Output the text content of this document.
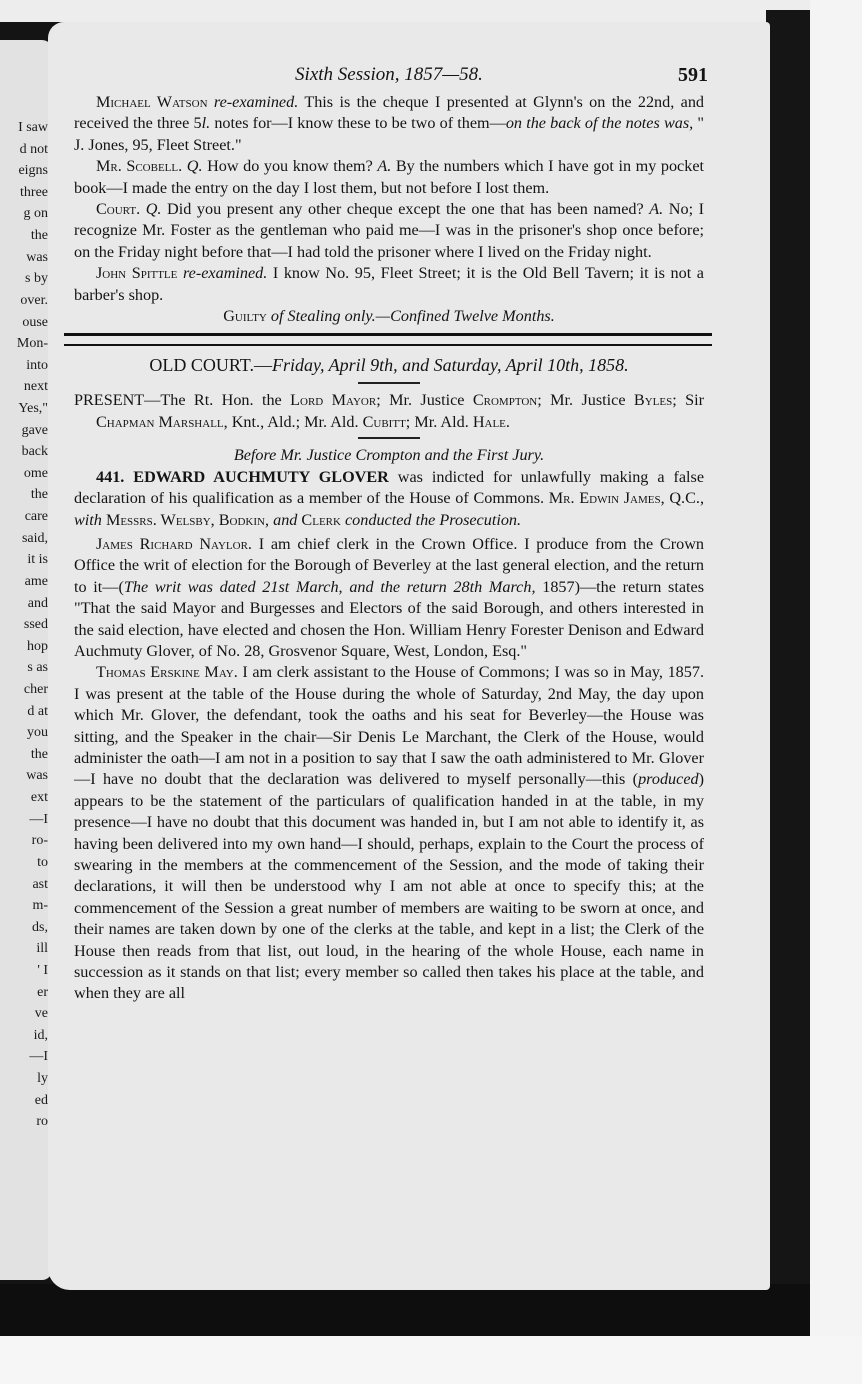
I saw
d not
eigns
three
g on
the
was
s by
over.
ouse
Mon-
into
next
Yes,"
gave
back
ome
the
care
said,
it is
ame
and
ssed
hop
s as
cher
d at
you
the
was
ext
—I
ro-
to
ast
m-
ds,
ill
' I
er
ve
id,
—I
ly
ed
ro
Sixth Session, 1857—58.	591

Michael Watson re-examined. This is the cheque I presented at Glynn's on the 22nd, and received the three 5l. notes for—I know these to be two of them—on the back of the notes was, " J. Jones, 95, Fleet Street."

Mr. Scobell. Q. How do you know them? A. By the numbers which I have got in my pocket book—I made the entry on the day I lost them, but not before I lost them.

Court. Q. Did you present any other cheque except the one that has been named? A. No; I recognize Mr. Foster as the gentleman who paid me—I was in the prisoner's shop once before; on the Friday night before that—I had told the prisoner where I lived on the Friday night.

John Spittle re-examined. I know No. 95, Fleet Street; it is the Old Bell Tavern; it is not a barber's shop.

Guilty of Stealing only.—Confined Twelve Months.

OLD COURT.—Friday, April 9th, and Saturday, April 10th, 1858.

PRESENT—The Rt. Hon. the Lord Mayor; Mr. Justice Crompton; Mr. Justice Byles; Sir Chapman Marshall, Knt., Ald.; Mr. Ald. Cubitt; Mr. Ald. Hale.

Before Mr. Justice Crompton and the First Jury.

441. EDWARD AUCHMUTY GLOVER was indicted for unlawfully making a false declaration of his qualification as a member of the House of Commons. Mr. Edwin James, Q.C., with Messrs. Welsby, Bodkin, and Clerk conducted the Prosecution.

James Richard Naylor. I am chief clerk in the Crown Office. I produce from the Crown Office the writ of election for the Borough of Beverley at the last general election, and the return to it—(The writ was dated 21st March, and the return 28th March, 1857)—the return states "That the said Mayor and Burgesses and Electors of the said Borough, and others interested in the said election, have elected and chosen the Hon. William Henry Forester Denison and Edward Auchmuty Glover, of No. 28, Grosvenor Square, West, London, Esq."

Thomas Erskine May. I am clerk assistant to the House of Commons; I was so in May, 1857. I was present at the table of the House during the whole of Saturday, 2nd May, the day upon which Mr. Glover, the defendant, took the oaths and his seat for Beverley—the House was sitting, and the Speaker in the chair—Sir Denis Le Marchant, the Clerk of the House, would administer the oath—I am not in a position to say that I saw the oath administered to Mr. Glover—I have no doubt that the declaration was delivered to myself personally—this (produced) appears to be the statement of the particulars of qualification handed in at the table, in my presence—I have no doubt that this document was handed in, but I am not able to identify it, as having been delivered into my own hand—I should, perhaps, explain to the Court the process of swearing in the members at the commencement of the Session, and the mode of taking their declarations, it will then be understood why I am not able at once to specify this; at the commencement of the Session a great number of members are waiting to be sworn at once, and their names are taken down by one of the clerks at the table, and kept in a list; the Clerk of the House then reads from that list, out loud, in the hearing of the whole House, each name in succession as it stands on that list; every member so called then takes his place at the table, and when they are all
